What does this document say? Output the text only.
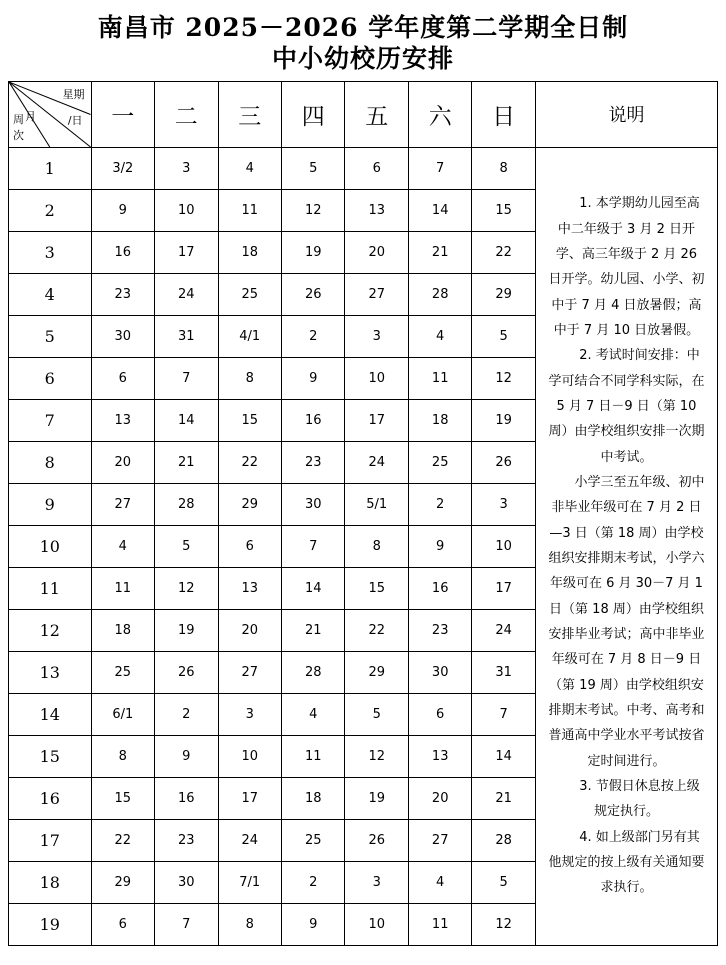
南昌市 2025－2026 学年度第二学期全日制
中小幼校历安排
星期
月 /日
周
次	一	二	三	四	五	六	日	说明
1	3/2	3	4	5	6	7	8	1. 本学期幼儿园至高中二年级于 3 月 2 日开学、高三年级于 2 月 26 日开学。幼儿园、小学、初中于 7 月 4 日放暑假；高中于 7 月 10 日放暑假。

2. 考试时间安排：中学可结合不同学科实际，在 5 月 7 日－9 日（第 10 周）由学校组织安排一次期中考试。

小学三至五年级、初中非毕业年级可在 7 月 2 日—3 日（第 18 周）由学校组织安排期末考试，小学六年级可在 6 月 30－7 月 1 日（第 18 周）由学校组织安排毕业考试；高中非毕业年级可在 7 月 8 日－9 日（第 19 周）由学校组织安排期末考试。中考、高考和普通高中学业水平考试按省定时间进行。

3. 节假日休息按上级规定执行。

4. 如上级部门另有其他规定的按上级有关通知要求执行。

2	9	10	11	12	13	14	15	
3	16	17	18	19	20	21	22	
4	23	24	25	26	27	28	29	
5	30	31	4/1	2	3	4	5	
6	6	7	8	9	10	11	12	
7	13	14	15	16	17	18	19	
8	20	21	22	23	24	25	26	
9	27	28	29	30	5/1	2	3	
10	4	5	6	7	8	9	10	
11	11	12	13	14	15	16	17	
12	18	19	20	21	22	23	24	
13	25	26	27	28	29	30	31	
14	6/1	2	3	4	5	6	7	
15	8	9	10	11	12	13	14	
16	15	16	17	18	19	20	21	
17	22	23	24	25	26	27	28	
18	29	30	7/1	2	3	4	5	
19	6	7	8	9	10	11	12	
